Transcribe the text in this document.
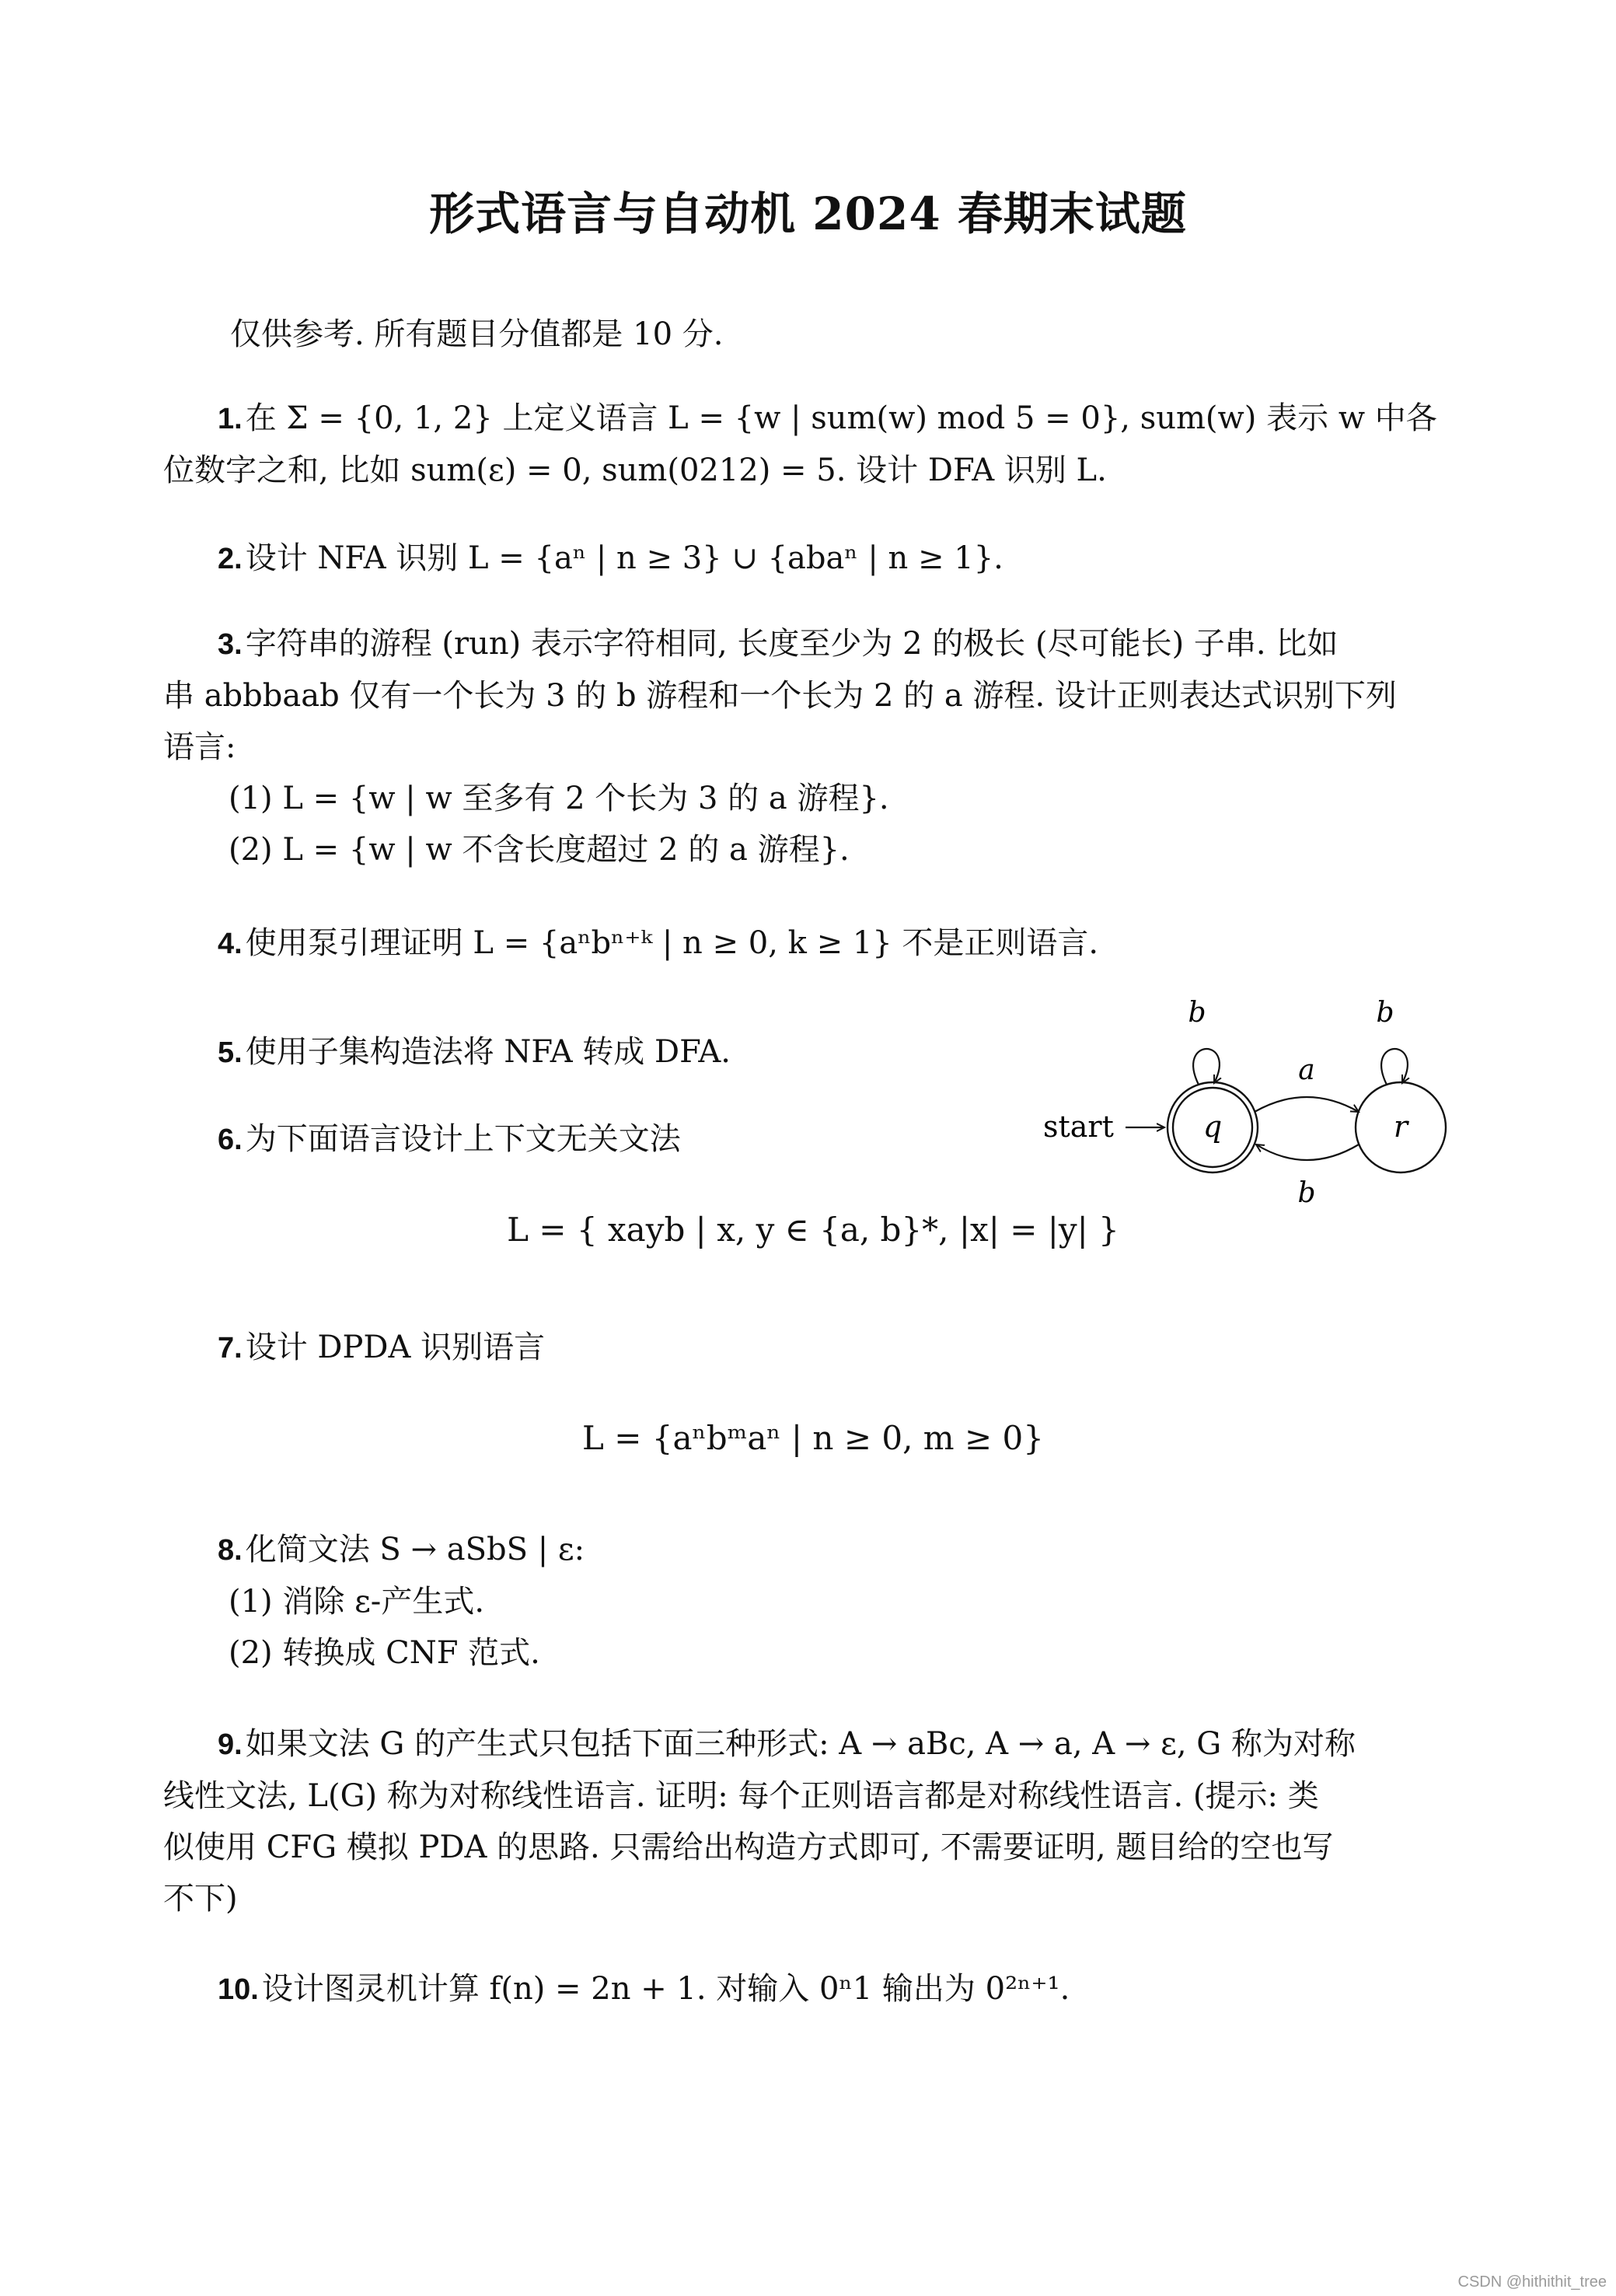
形式语言与自动机 2024 春期末试题
仅供参考. 所有题目分值都是 10 分.
1. 在 Σ = {0, 1, 2} 上定义语言 L = {w | sum(w) mod 5 = 0}, sum(w) 表示 w 中各
位数字之和, 比如 sum(ε) = 0, sum(0212) = 5. 设计 DFA 识别 L.
2. 设计 NFA 识别 L = {aⁿ | n ≥ 3} ∪ {abaⁿ | n ≥ 1}.
3. 字符串的游程 (run) 表示字符相同, 长度至少为 2 的极长 (尽可能长) 子串. 比如
串 abbbaab 仅有一个长为 3 的 b 游程和一个长为 2 的 a 游程. 设计正则表达式识别下列
语言:
(1) L = {w | w 至多有 2 个长为 3 的 a 游程}.
(2) L = {w | w 不含长度超过 2 的 a 游程}.
4. 使用泵引理证明 L = {aⁿbⁿ⁺ᵏ | n ≥ 0, k ≥ 1} 不是正则语言.
5. 使用子集构造法将 NFA 转成 DFA.
6. 为下面语言设计上下文无关文法
L = { xayb | x, y ∈ {a, b}*, |x| = |y| }
7. 设计 DPDA 识别语言
L = {aⁿbᵐaⁿ | n ≥ 0, m ≥ 0}
8. 化简文法 S → aSbS | ε:
(1) 消除 ε-产生式.
(2) 转换成 CNF 范式.
9. 如果文法 G 的产生式只包括下面三种形式: A → aBc, A → a, A → ε, G 称为对称
线性文法, L(G) 称为对称线性语言. 证明: 每个正则语言都是对称线性语言. (提示: 类
似使用 CFG 模拟 PDA 的思路. 只需给出构造方式即可, 不需要证明, 题目给的空也写
不下)
10. 设计图灵机计算 f(n) = 2n + 1. 对输入 0ⁿ1 输出为 0²ⁿ⁺¹.
start	q	r
b	b
a
b
CSDN @hithithit_tree
